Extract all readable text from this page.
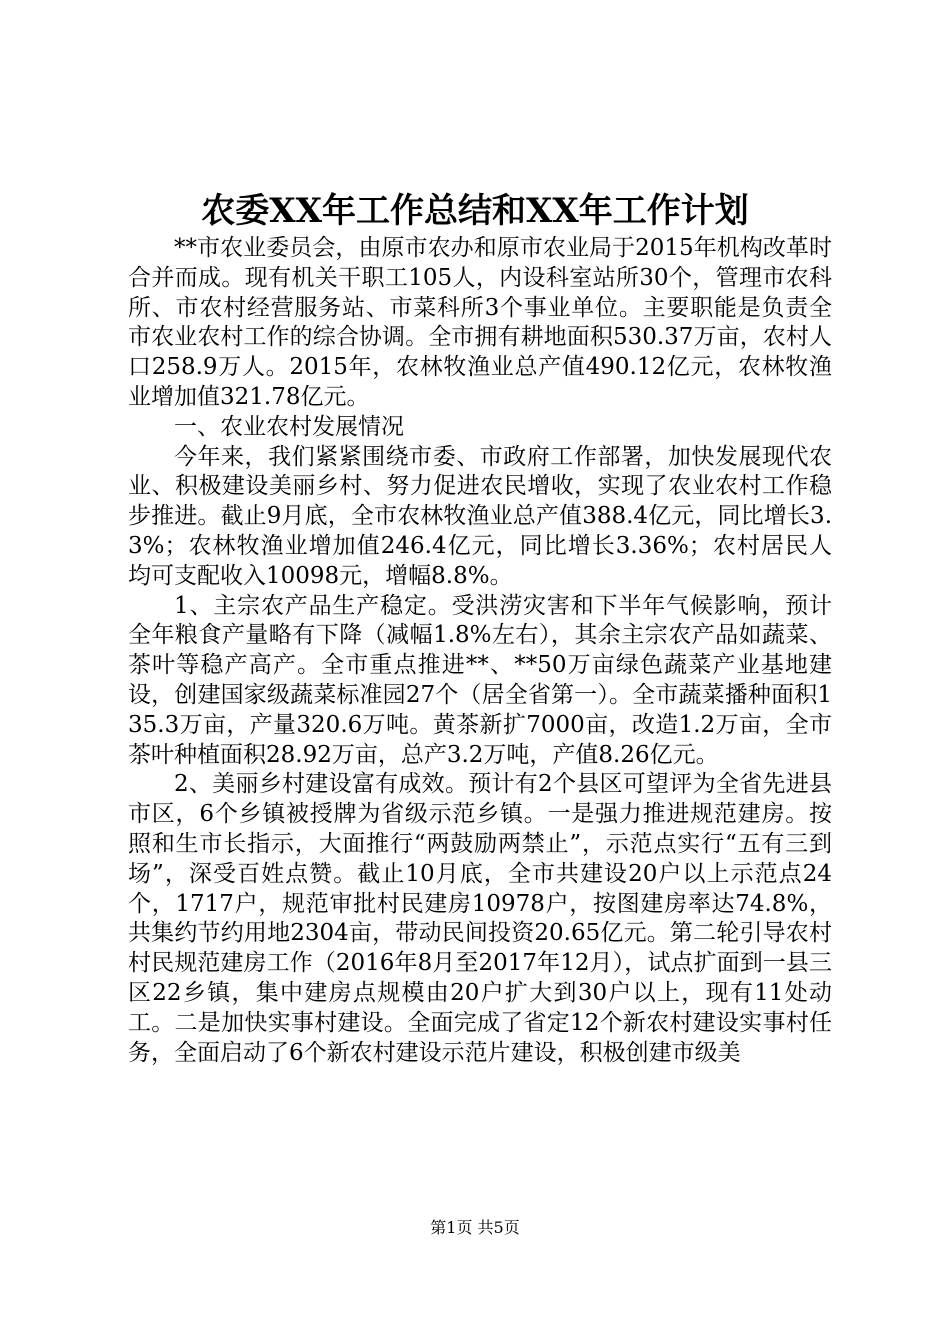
农委XX年工作总结和XX年工作计划

**市农业委员会，由原市农办和原市农业局于2015年机构改革时合并而成。现有机关干职工105人，内设科室站所30个，管理市农科所、市农村经营服务站、市菜科所3个事业单位。主要职能是负责全市农业农村工作的综合协调。全市拥有耕地面积530.37万亩，农村人口258.9万人。2015年，农林牧渔业总产值490.12亿元，农林牧渔业增加值321.78亿元。

一、农业农村发展情况

今年来，我们紧紧围绕市委、市政府工作部署，加快发展现代农业、积极建设美丽乡村、努力促进农民增收，实现了农业农村工作稳步推进。截止9月底，全市农林牧渔业总产值388.4亿元，同比增长3.3%；农林牧渔业增加值246.4亿元，同比增长3.36%；农村居民人均可支配收入10098元，增幅8.8%。

1、主宗农产品生产稳定。受洪涝灾害和下半年气候影响，预计全年粮食产量略有下降（减幅1.8%左右），其余主宗农产品如蔬菜、茶叶等稳产高产。全市重点推进**、**50万亩绿色蔬菜产业基地建设，创建国家级蔬菜标准园27个（居全省第一）。全市蔬菜播种面积135.3万亩，产量320.6万吨。黄茶新扩7000亩，改造1.2万亩，全市茶叶种植面积28.92万亩，总产3.2万吨，产值8.26亿元。

2、美丽乡村建设富有成效。预计有2个县区可望评为全省先进县市区，6个乡镇被授牌为省级示范乡镇。一是强力推进规范建房。按照和生市长指示，大面推行“两鼓励两禁止”，示范点实行“五有三到场”，深受百姓点赞。截止10月底，全市共建设20户以上示范点24个，1717户，规范审批村民建房10978户，按图建房率达74.8%，共集约节约用地2304亩，带动民间投资20.65亿元。第二轮引导农村村民规范建房工作（2016年8月至2017年12月），试点扩面到一县三区22乡镇，集中建房点规模由20户扩大到30户以上，现有11处动工。二是加快实事村建设。全面完成了省定12个新农村建设实事村任务，全面启动了6个新农村建设示范片建设，积极创建市级美

第1页 共5页
